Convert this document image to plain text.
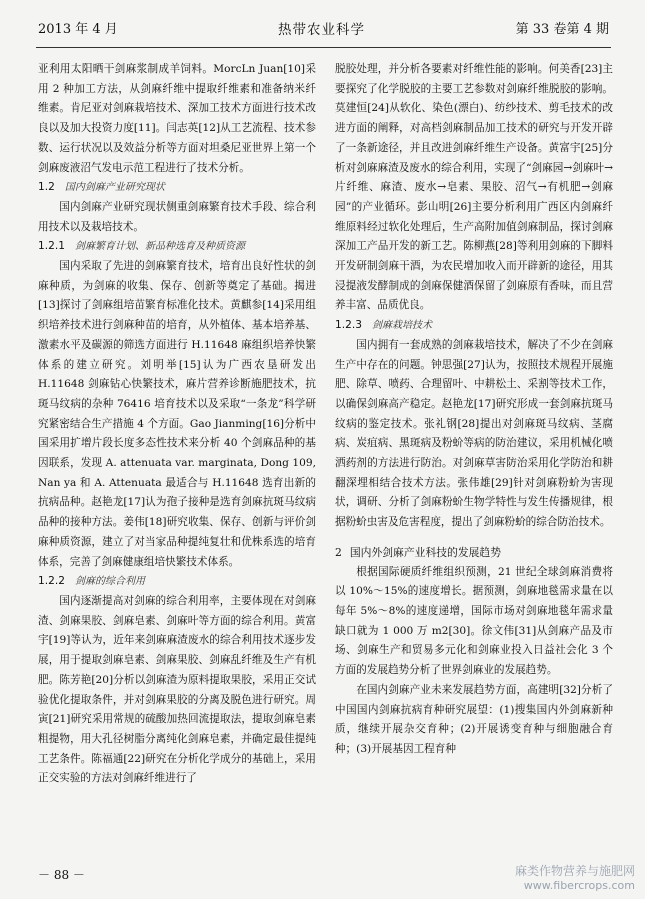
2013 年 4 月	热带农业科学	第 33 卷第 4 期

亚利用太阳晒干剑麻浆制成羊饲料。MorcLn Juan[10]采用 2 种加工方法，从剑麻纤维中提取纤维素和准备纳米纤维素。肯尼亚对剑麻栽培技术、深加工技术方面进行技术改良以及加大投资力度[11]。闫志英[12]从工艺流程、技术参数、运行状况以及效益分析等方面对坦桑尼亚世界上第一个剑麻废液沼气发电示范工程进行了技术分析。

1.2 国内剑麻产业研究现状

国内剑麻产业研究现状侧重剑麻繁育技术手段、综合利用技术以及栽培技术。

1.2.1 剑麻繁育计划、新品种选育及种质资源

国内采取了先进的剑麻繁育技术，培育出良好性状的剑麻种质，为剑麻的收集、保存、创新等奠定了基础。揭进[13]探讨了剑麻组培苗繁育标准化技术。黄麒参[14]采用组织培养技术进行剑麻种苗的培育，从外植体、基本培养基、激素水平及碳源的筛选方面进行 H.11648 麻组织培养快繁体系的建立研究。刘明举[15]认为广西农垦研发出 H.11648 剑麻钻心快繁技术，麻片营养诊断施肥技术，抗斑马纹病的杂种 76416 培育技术以及采取“一条龙”科学研究紧密结合生产措施 4 个方面。Gao Jianming[16]分析中国采用扩增片段长度多态性技术来分析 40 个剑麻品种的基因联系，发现 A. attenuata var. marginata, Dong 109, Nan ya 和 A. Attenuata 最适合与 H.11648 选育出新的抗病品种。赵艳龙[17]认为孢子接种是选育剑麻抗斑马纹病品种的接种方法。姜伟[18]研究收集、保存、创新与评价剑麻种质资源，建立了对当家品种提纯复壮和优株系选的培育体系，完善了剑麻健康组培快繁技术体系。

1.2.2 剑麻的综合利用

国内逐渐提高对剑麻的综合利用率，主要体现在对剑麻渣、剑麻果胶、剑麻皂素、剑麻叶等方面的综合利用。黄富宇[19]等认为，近年来剑麻麻渣废水的综合利用技术逐步发展，用于提取剑麻皂素、剑麻果胶、剑麻乱纤维及生产有机肥。陈芳艳[20]分析以剑麻渣为原料提取果胶，采用正交试验优化提取条件，并对剑麻果胶的分离及脱色进行研究。周寅[21]研究采用常规的硫酸加热回流提取法，提取剑麻皂素粗提物，用大孔径树脂分离纯化剑麻皂素，并确定最佳提纯工艺条件。陈福通[22]研究在分析化学成分的基础上，采用正交实验的方法对剑麻纤维进行了

脱胶处理，并分析各要素对纤维性能的影响。何美香[23]主要探究了化学脱胶的主要工艺参数对剑麻纤维脱胶的影响。莫建恒[24]从软化、染色(漂白)、纺纱技术、剪毛技术的改进方面的阐释，对高档剑麻制品加工技术的研究与开发开辟了一条新途径，并且改进剑麻纤维生产设备。黄富宇[25]分析对剑麻麻渣及废水的综合利用，实现了“剑麻园→剑麻叶→片纤维、麻渣、废水→皂素、果胶、沼气→有机肥→剑麻园”的产业循环。彭山明[26]主要分析利用广西区内剑麻纤维原料经过软化处理后，生产高附加值剑麻制品，探讨剑麻深加工产品开发的新工艺。陈柳燕[28]等利用剑麻的下脚料开发研制剑麻干酒，为农民增加收入而开辟新的途径，用其浸提液发酵制成的剑麻保健酒保留了剑麻原有香味，而且营养丰富、品质优良。

1.2.3 剑麻栽培技术

国内拥有一套成熟的剑麻栽培技术，解决了不少在剑麻生产中存在的问题。钟思强[27]认为，按照技术规程开展施肥、除草、喷药、合理留叶、中耕松土、采割等技术工作，以确保剑麻高产稳定。赵艳龙[17]研究形成一套剑麻抗斑马纹病的鉴定技术。张礼钢[28]提出对剑麻斑马纹病、茎腐病、炭疽病、黑斑病及粉蚧等病的防治建议，采用机械化喷洒药剂的方法进行防治。对剑麻草害防治采用化学防治和耕翻深埋相结合技术方法。张伟雄[29]针对剑麻粉蚧为害现状，调研、分析了剑麻粉蚧生物学特性与发生传播规律，根据粉蚧虫害及危害程度，提出了剑麻粉蚧的综合防治技术。

2 国内外剑麻产业科技的发展趋势

根据国际硬质纤维组织预测，21 世纪全球剑麻消费将以 10%～15%的速度增长。据预测，剑麻地毯需求量在以每年 5%～8%的速度递增，国际市场对剑麻地毯年需求量缺口就为 1 000 万 m2[30]。徐文伟[31]从剑麻产品及市场、剑麻生产和贸易多元化和剑麻业投入日益社会化 3 个方面的发展趋势分析了世界剑麻业的发展趋势。

在国内剑麻产业未来发展趋势方面，高建明[32]分析了中国国内剑麻抗病育种研究展望：(1)搜集国内外剑麻新种质，继续开展杂交育种；(2)开展诱变育种与细胞融合育种；(3)开展基因工程育种

－ 88 －	麻类作物营养与施肥网
www.fibercrops.com
